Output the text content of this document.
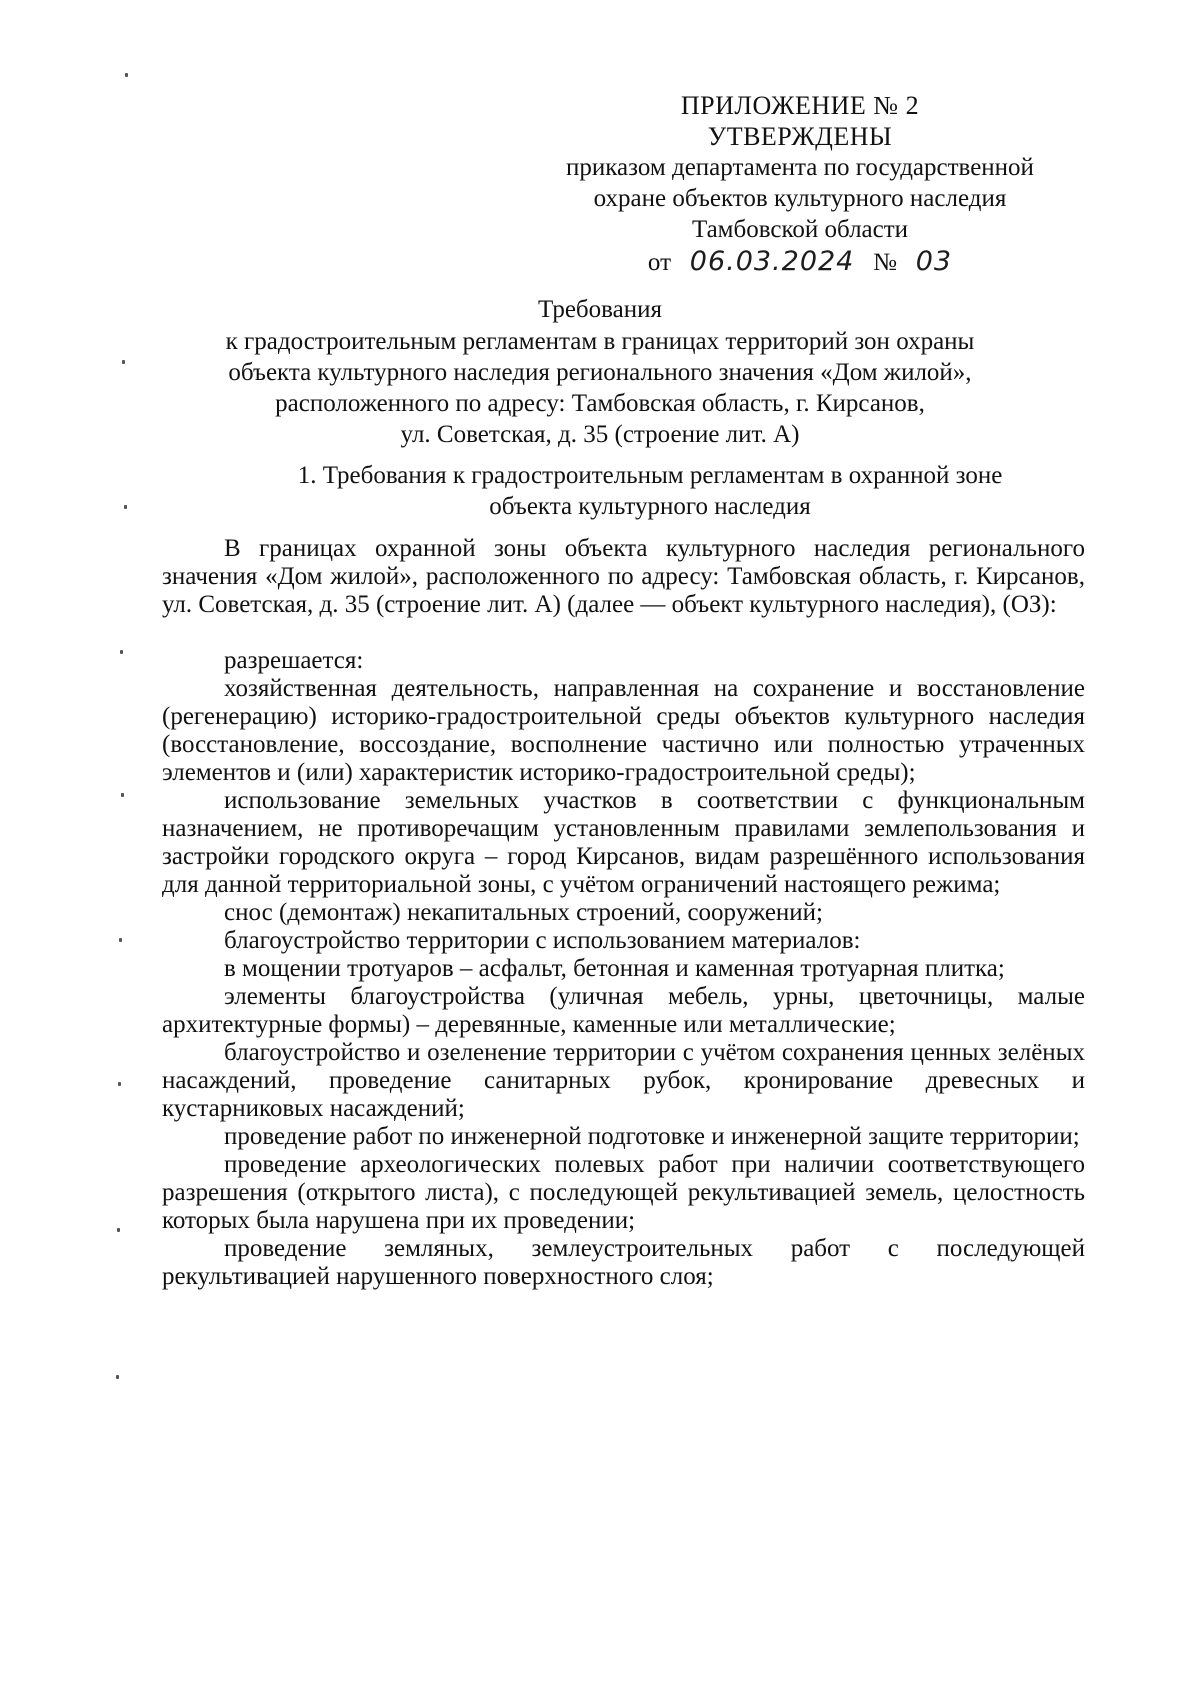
ПРИЛОЖЕНИЕ № 2
УТВЕРЖДЕНЫ
приказом департамента по государственной
охране объектов культурного наследия
Тамбовской области
от 06.03.2024 № 03
Требования
к градостроительным регламентам в границах территорий зон охраны
объекта культурного наследия регионального значения «Дом жилой»,
расположенного по адресу: Тамбовская область, г. Кирсанов,
ул. Советская, д. 35 (строение лит. А)
1. Требования к градостроительным регламентам в охранной зоне
объекта культурного наследия

В границах охранной зоны объекта культурного наследия регионального значения «Дом жилой», расположенного по адресу: Тамбовская область, г. Кирсанов, ул. Советская, д. 35 (строение лит. А) (далее — объект культурного наследия), (ОЗ):

разрешается:

хозяйственная деятельность, направленная на сохранение и восстановление (регенерацию) историко-градостроительной среды объектов культурного наследия (восстановление, воссоздание, восполнение частично или полностью утраченных элементов и (или) характеристик историко-градостроительной среды);

использование земельных участков в соответствии с функциональным назначением, не противоречащим установленным правилами землепользования и застройки городского округа – город Кирсанов, видам разрешённого использования для данной территориальной зоны, с учётом ограничений настоящего режима;

снос (демонтаж) некапитальных строений, сооружений;

благоустройство территории с использованием материалов:

в мощении тротуаров – асфальт, бетонная и каменная тротуарная плитка;

элементы благоустройства (уличная мебель, урны, цветочницы, малые архитектурные формы) – деревянные, каменные или металлические;

благоустройство и озеленение территории с учётом сохранения ценных зелёных насаждений, проведение санитарных рубок, кронирование древесных и кустарниковых насаждений;

проведение работ по инженерной подготовке и инженерной защите территории;

проведение археологических полевых работ при наличии соответствующего разрешения (открытого листа), с последующей рекультивацией земель, целостность которых была нарушена при их проведении;

проведение земляных, землеустроительных работ с последующей рекультивацией нарушенного поверхностного слоя;
